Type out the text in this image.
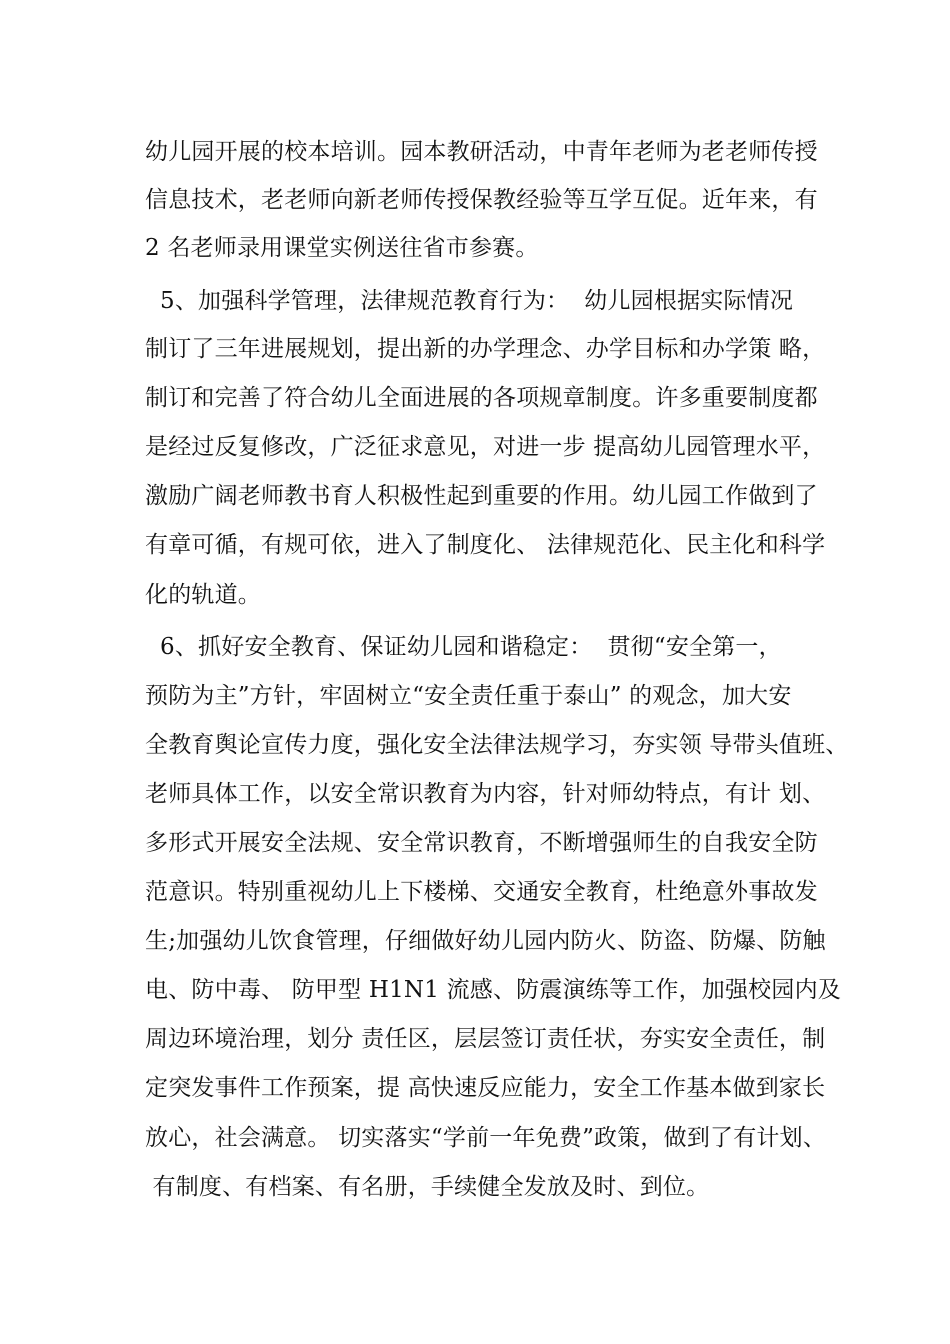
幼儿园开展的校本培训。园本教研活动，中青年老师为老老师传授
信息技术，老老师向新老师传授保教经验等互学互促。近年来，有
2 名老师录用课堂实例送往省市参赛。
5、加强科学管理，法律规范教育行为：  幼儿园根据实际情况
制订了三年进展规划，提出新的办学理念、办学目标和办学策 略，
制订和完善了符合幼儿全面进展的各项规章制度。许多重要制度都
是经过反复修改，广泛征求意见，对进一步 提高幼儿园管理水平，
激励广阔老师教书育人积极性起到重要的作用。幼儿园工作做到了
有章可循，有规可依，进入了制度化、 法律规范化、民主化和科学
化的轨道。
6、抓好安全教育、保证幼儿园和谐稳定：  贯彻“安全第一，
预防为主”方针，牢固树立“安全责任重于泰山” 的观念，加大安
全教育舆论宣传力度，强化安全法律法规学习，夯实领 导带头值班、
老师具体工作，以安全常识教育为内容，针对师幼特点，有计 划、
多形式开展安全法规、安全常识教育，不断增强师生的自我安全防
范意识。特别重视幼儿上下楼梯、交通安全教育，杜绝意外事故发
生;加强幼儿饮食管理，仔细做好幼儿园内防火、防盗、防爆、防触
电、防中毒、 防甲型 H1N1 流感、防震演练等工作，加强校园内及
周边环境治理，划分 责任区，层层签订责任状，夯实安全责任，制
定突发事件工作预案，提 高快速反应能力，安全工作基本做到家长
放心，社会满意。 切实落实“学前一年免费”政策，做到了有计划、
有制度、有档案、有名册，手续健全发放及时、到位。
